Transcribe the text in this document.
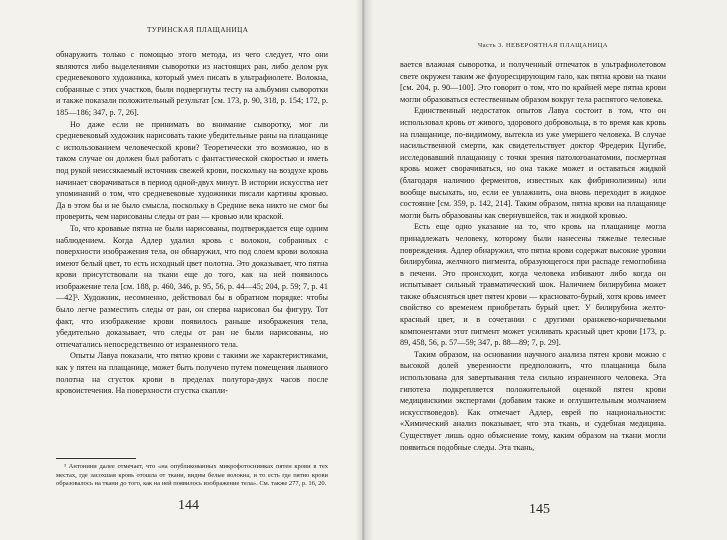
ТУРИНСКАЯ ПЛАЩАНИЦА

обнаружить только с помощью этого метода, из чего следует, что они являются либо выделениями сыворотки из настоящих ран, либо делом рук средневекового художника, который умел писать в ультрафиолете. Волокна, собранные с этих участков, были подвергнуты тесту на альбумин сыворотки и также показали положительный результат [см. 173, р. 90, 318, р. 154; 172, р. 185—186; 347, р. 7, 26].

Но даже если не принимать во внимание сыворотку, мог ли средневековый художник нарисовать такие убедительные раны на плащанице с использованием человеческой крови? Теоретически это возможно, но в таком случае он должен был работать с фантастической скоростью и иметь под рукой неиссякаемый источник свежей крови, поскольку на воздухе кровь начинает сворачиваться в период одной-двух минут. В истории искусства нет упоминаний о том, что средневековые художники писали картины кровью. Да в этом бы и не было смысла, поскольку в Средние века никто не смог бы проверить, чем нарисованы следы от ран — кровью или краской.

То, что кровавые пятна не были нарисованы, подтверждается еще одним наблюдением. Когда Адлер удалил кровь с волокон, собранных с поверхности изображения тела, он обнаружил, что под слоем крови волокна имеют белый цвет, то есть исходный цвет полотна. Это доказывает, что пятна крови присутствовали на ткани еще до того, как на ней появилось изображение тела [см. 188, р. 460, 346, р. 95, 56, р. 44—45; 204, р. 59; 7, р. 41—42]³. Художник, несомненно, действовал бы в обратном порядке: чтобы было легче разместить следы от ран, он сперва нарисовал бы фигуру. Тот факт, что изображение крови появилось раньше изображения тела, убедительно доказывает, что следы от ран не были нарисованы, но отпечатались непосредственно от израненного тела.

Опыты Лавуа показали, что пятно крови с такими же характеристиками, как у пятен на плащанице, может быть получено путем помещения льняного полотна на сгусток крови в пределах полутора-двух часов после кровоистечения. На поверхности сгустка скапли-

³ Антонини далее отмечает, что «на опубликованных микрофотоснимках пятен крови в тех местах, где засохшая кровь отошла от ткани, видны белые волокна, и то есть где пятно крови образовалось на ткани до того, как на ней появилось изображение тела». См. также 277, р. 16, 20.
144
Часть 3. НЕВЕРОЯТНАЯ ПЛАЩАНИЦА

вается влажная сыворотка, и полученный отпечаток в ультрафиолетовом свете окружен таким же флуоресцирующим гало, как пятна крови на ткани [см. 204, р. 90—100]. Это говорит о том, что по крайней мере пятна крови могли образоваться естественным образом вокруг тела распятого человека.

Единственный недостаток опытов Лавуа состоит в том, что он использовал кровь от живого, здорового добровольца, в то время как кровь на плащанице, по-видимому, вытекла из уже умершего человека. В случае насильственной смерти, как свидетельствует доктор Фредерик Цугибе, исследовавший плащаницу с точки зрения патологоанатомии, посмертная кровь может сворачиваться, но она также может и оставаться жидкой (благодаря наличию ферментов, известных как фибринолизины) или вообще высыхать, но, если ее увлажнить, она вновь переходит в жидкое состояние [см. 359, р. 142, 214]. Таким образом, пятна крови на плащанице могли быть образованы как свернувшейся, так и жидкой кровью.

Есть еще одно указание на то, что кровь на плащанице могла принадлежать человеку, которому были нанесены тяжелые телесные повреждения. Адлер обнаружил, что пятна крови содержат высокие уровни билирубина, желчного пигмента, образующегося при распаде гемоглобина в печени. Это происходит, когда человека избивают либо когда он испытывает сильный травматический шок. Наличием билирубина может также объясняться цвет пятен крови — красновато-бурый, хотя кровь имеет свойство со временем приобретать бурый цвет. У билирубина желто-красный цвет, и в сочетании с другими оранжево-коричневыми компонентами этот пигмент может усиливать красный цвет крови [173, р. 89, 458, 56, р. 57—59; 347, р. 88—89; 7, р. 29].

Таким образом, на основании научного анализа пятен крови можно с высокой долей уверенности предположить, что плащаница была использована для завертывания тела сильно израненного человека. Эта гипотеза подкрепляется положительной оценкой пятен крови медицинскими экспертами (добавим также и оглушительным молчанием искусствоведов). Как отмечает Адлер, еврей по национальности: «Химический анализ показывает, что эта ткань, и судебная медицина. Существует лишь одно объяснение тому, каким образом на ткани могли появиться подобные следы. Эта ткань,

145
